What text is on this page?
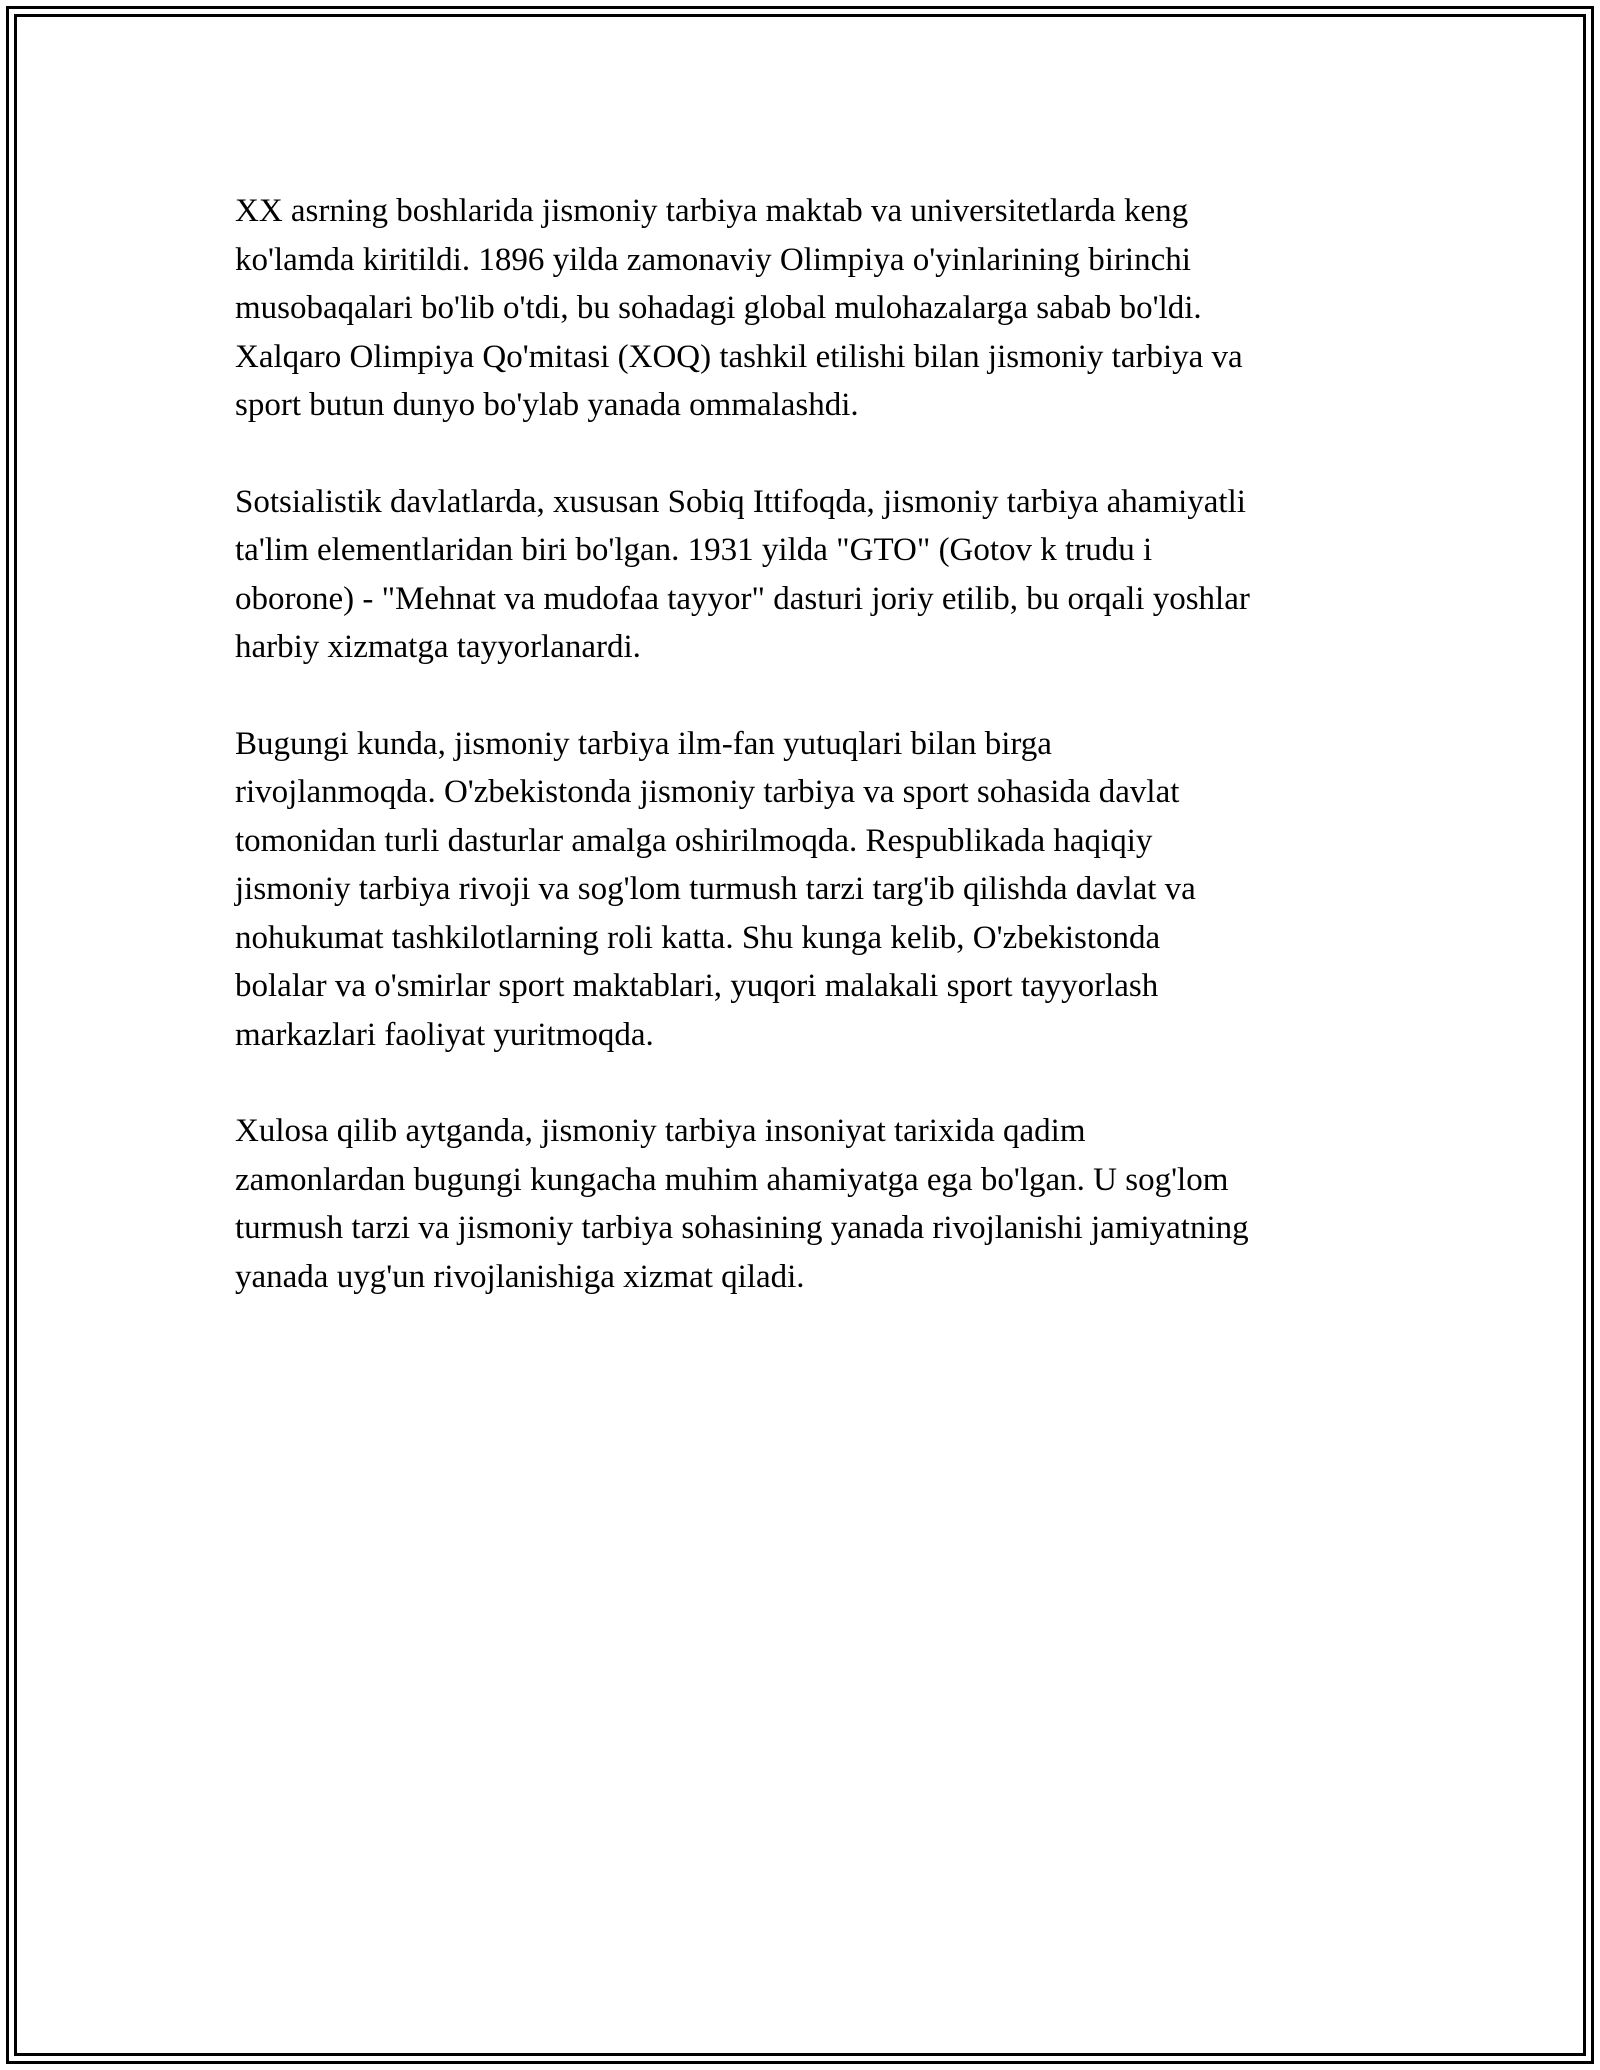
XX asrning boshlarida jismoniy tarbiya maktab va universitetlarda keng
ko'lamda kiritildi. 1896 yilda zamonaviy Olimpiya o'yinlarining birinchi
musobaqalari bo'lib o'tdi, bu sohadagi global mulohazalarga sabab bo'ldi.
Xalqaro Olimpiya Qo'mitasi (XOQ) tashkil etilishi bilan jismoniy tarbiya va
sport butun dunyo bo'ylab yanada ommalashdi.

Sotsialistik davlatlarda, xususan Sobiq Ittifoqda, jismoniy tarbiya ahamiyatli
ta'lim elementlaridan biri bo'lgan. 1931 yilda "GTO" (Gotov k trudu i
oborone) - "Mehnat va mudofaa tayyor" dasturi joriy etilib, bu orqali yoshlar
harbiy xizmatga tayyorlanardi.

Bugungi kunda, jismoniy tarbiya ilm-fan yutuqlari bilan birga
rivojlanmoqda. O'zbekistonda jismoniy tarbiya va sport sohasida davlat
tomonidan turli dasturlar amalga oshirilmoqda. Respublikada haqiqiy
jismoniy tarbiya rivoji va sog'lom turmush tarzi targ'ib qilishda davlat va
nohukumat tashkilotlarning roli katta. Shu kunga kelib, O'zbekistonda
bolalar va o'smirlar sport maktablari, yuqori malakali sport tayyorlash
markazlari faoliyat yuritmoqda.

Xulosa qilib aytganda, jismoniy tarbiya insoniyat tarixida qadim
zamonlardan bugungi kungacha muhim ahamiyatga ega bo'lgan. U sog'lom
turmush tarzi va jismoniy tarbiya sohasining yanada rivojlanishi jamiyatning
yanada uyg'un rivojlanishiga xizmat qiladi.
